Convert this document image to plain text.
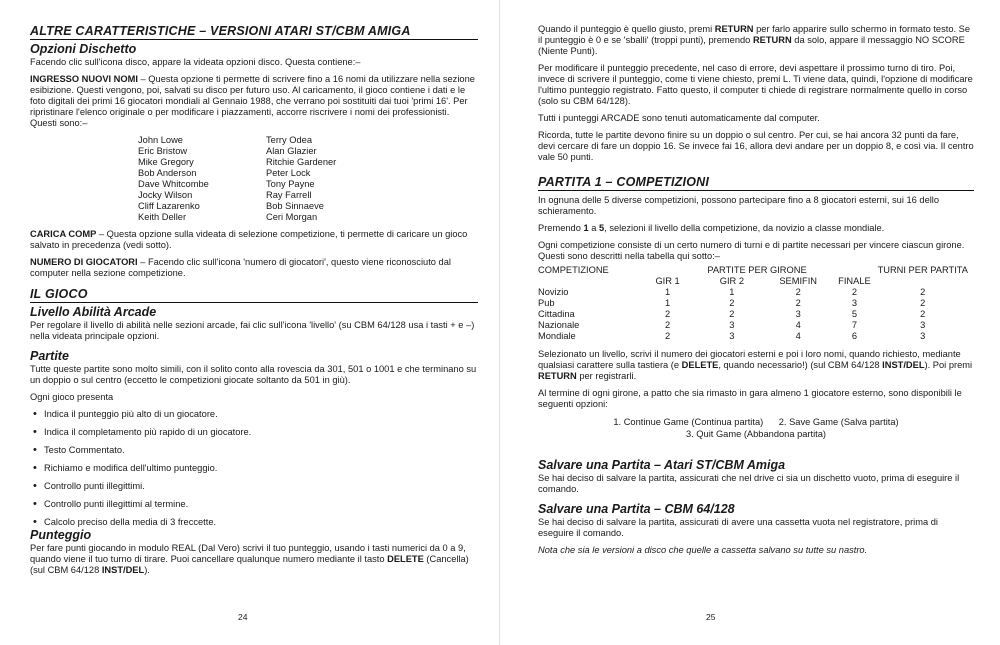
ALTRE CARATTERISTICHE – VERSIONI ATARI ST/CBM AMIGA
Opzioni Dischetto

Facendo clic sull'icona disco, appare la videata opzioni disco. Questa contiene:–

INGRESSO NUOVI NOMI – Questa opzione ti permette di scrivere fino a 16 nomi da utilizzare nella sezione esibizione. Questi vengono, poi, salvati su disco per futuro uso. Al caricamento, il gioco contiene i dati e le foto digitali dei primi 16 giocatori mondiali al Gennaio 1988, che verrano poi sostituiti dai tuoi 'primi 16'. Per ripristinare l'elenco originale o per modificare i piazzamenti, accorre riscrivere i nomi dei professionisti. Questi sono:–

John Lowe	Terry Odea
Eric Bristow	Alan Glazier
Mike Gregory	Ritchie Gardener
Bob Anderson	Peter Lock
Dave Whitcombe	Tony Payne
Jocky Wilson	Ray Farrell
Cliff Lazarenko	Bob Sinnaeve
Keith Deller	Ceri Morgan

CARICA COMP – Questa opzione sulla videata di selezione competizione, ti permette di caricare un gioco salvato in precedenza (vedi sotto).

NUMERO DI GIOCATORI – Facendo clic sull'icona 'numero di giocatori', questo viene riconosciuto dal computer nella sezione competizione.

IL GIOCO
Livello Abilità Arcade

Per regolare il livello di abilità nelle sezioni arcade, fai clic sull'icona 'livello' (su CBM 64/128 usa i tasti + e –) nella videata principale opzioni.

Partite

Tutte queste partite sono molto simili, con il solito conto alla rovescia da 301, 501 o 1001 e che terminano su un doppio o sul centro (eccetto le competizioni giocate soltanto da 501 in giù).

Ogni gioco presenta

• Indica il punteggio più alto di un giocatore.
• Indica il completamento più rapido di un giocatore.
• Testo Commentato.
• Richiamo e modifica dell'ultimo punteggio.
• Controllo punti illegittimi.
• Controllo punti illegittimi al termine.
• Calcolo preciso della media di 3 freccette.
Punteggio

Per fare punti giocando in modulo REAL (Dal Vero) scrivi il tuo punteggio, usando i tasti numerici da 0 a 9, quando viene il tuo turno di tirare. Puoi cancellare qualunque numero mediante il tasto DELETE (Cancella) (sul CBM 64/128 INST/DEL).

24

Quando il punteggio è quello giusto, premi RETURN per farlo apparire sullo schermo in formato testo. Se il punteggio è 0 e se 'sballi' (troppi punti), premendo RETURN da solo, appare il messaggio NO SCORE (Niente Punti).

Per modificare il punteggio precedente, nel caso di errore, devi aspettare il prossimo turno di tiro. Poi, invece di scrivere il punteggio, come ti viene chiesto, premi L. Ti viene data, quindi, l'opzione di modificare l'ultimo punteggio registrato. Fatto questo, il computer ti chiede di registrare normalmente quello in corso (solo su CBM 64/128).

Tutti i punteggi ARCADE sono tenuti automaticamente dal computer.

Ricorda, tutte le partite devono finire su un doppio o sul centro. Per cui, se hai ancora 32 punti da fare, devi cercare di fare un doppio 16. Se invece fai 16, allora devi andare per un doppio 8, e così via. Il centro vale 50 punti.

PARTITA 1 – COMPETIZIONI

In ognuna delle 5 diverse competizioni, possono partecipare fino a 8 giocatori esterni, sui 16 dello schieramento.

Premendo 1 a 5, selezioni il livello della competizione, da novizio a classe mondiale.

Ogni competizione consiste di un certo numero di turni e di partite necessari per vincere ciascun girone. Questi sono descritti nella tabella qui sotto:–

COMPETIZIONE	PARTITE PER GIRONE				TURNI PER PARTITA
	GIR 1	GIR 2	SEMIFIN	FINALE	
Novizio	1	1	2	2	2
Pub	1	2	2	3	2
Cittadina	2	2	3	5	2
Nazionale	2	3	4	7	3
Mondiale	2	3	4	6	3

Selezionato un livello, scrivi il numero dei giocatori esterni e poi i loro nomi, quando richiesto, mediante qualsiasi carattere sulla tastiera (e DELETE, quando necessario!) (sul CBM 64/128 INST/DEL). Poi premi RETURN per registrarli.

Al termine di ogni girone, a patto che sia rimasto in gara almeno 1 giocatore esterno, sono disponibili le seguenti opzioni:

1. Continue Game (Continua partita) 2. Save Game (Salva partita)
3. Quit Game (Abbandona partita)
Salvare una Partita – Atari ST/CBM Amiga

Se hai deciso di salvare la partita, assicurati che nel drive ci sia un dischetto vuoto, prima di eseguire il comando.

Salvare una Partita – CBM 64/128

Se hai deciso di salvare la partita, assicurati di avere una cassetta vuota nel registratore, prima di eseguire il comando.

Nota che sia le versioni a disco che quelle a cassetta salvano su tutte su nastro.

25
